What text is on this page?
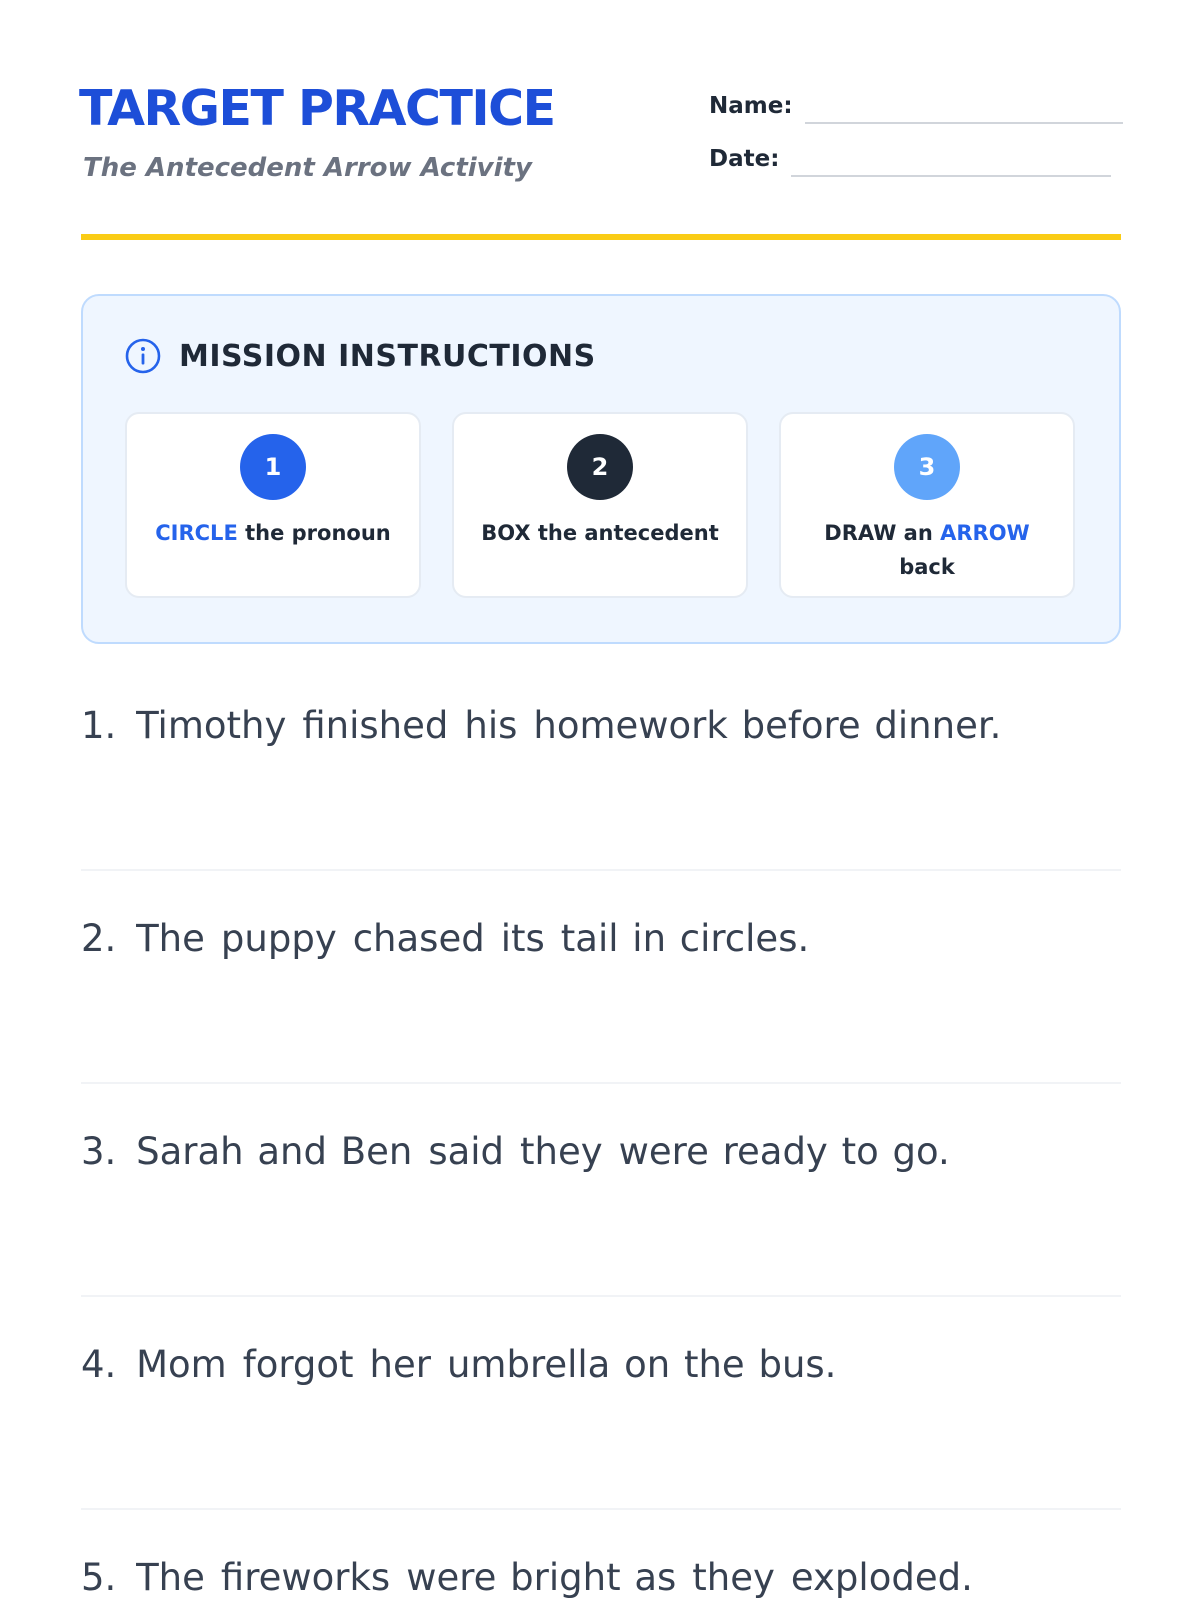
TARGET PRACTICE

The Antecedent Arrow Activity

Name:
Date:
MISSION INSTRUCTIONS
1
CIRCLE the pronoun
2
BOX the antecedent
3
DRAW an ARROW
back
1. Timothy finished his homework before dinner.
2. The puppy chased its tail in circles.
3. Sarah and Ben said they were ready to go.
4. Mom forgot her umbrella on the bus.
5. The fireworks were bright as they exploded.
